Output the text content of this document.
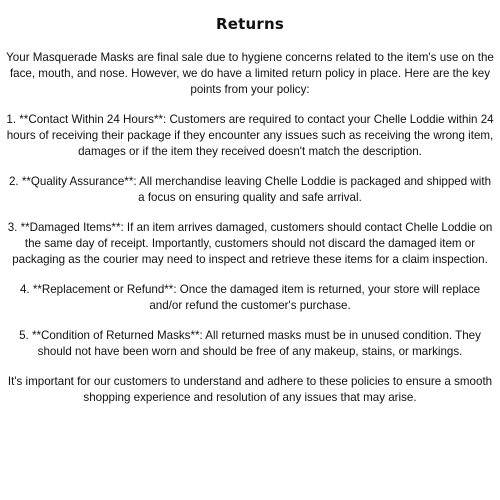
Returns
Your Masquerade Masks are final sale due to hygiene concerns related to the item's use on the face, mouth, and nose. However, we do have a limited return policy in place. Here are the key points from your policy:
1. **Contact Within 24 Hours**: Customers are required to contact your Chelle Loddie within 24 hours of receiving their package if they encounter any issues such as receiving the wrong item, damages or if the item they received doesn't match the description.
2. **Quality Assurance**: All merchandise leaving Chelle Loddie is packaged and shipped with a focus on ensuring quality and safe arrival.
3. **Damaged Items**: If an item arrives damaged, customers should contact Chelle Loddie on the same day of receipt. Importantly, customers should not discard the damaged item or packaging as the courier may need to inspect and retrieve these items for a claim inspection.
4. **Replacement or Refund**: Once the damaged item is returned, your store will replace and/or refund the customer's purchase.
5. **Condition of Returned Masks**: All returned masks must be in unused condition. They should not have been worn and should be free of any makeup, stains, or markings.
It's important for our customers to understand and adhere to these policies to ensure a smooth shopping experience and resolution of any issues that may arise.
